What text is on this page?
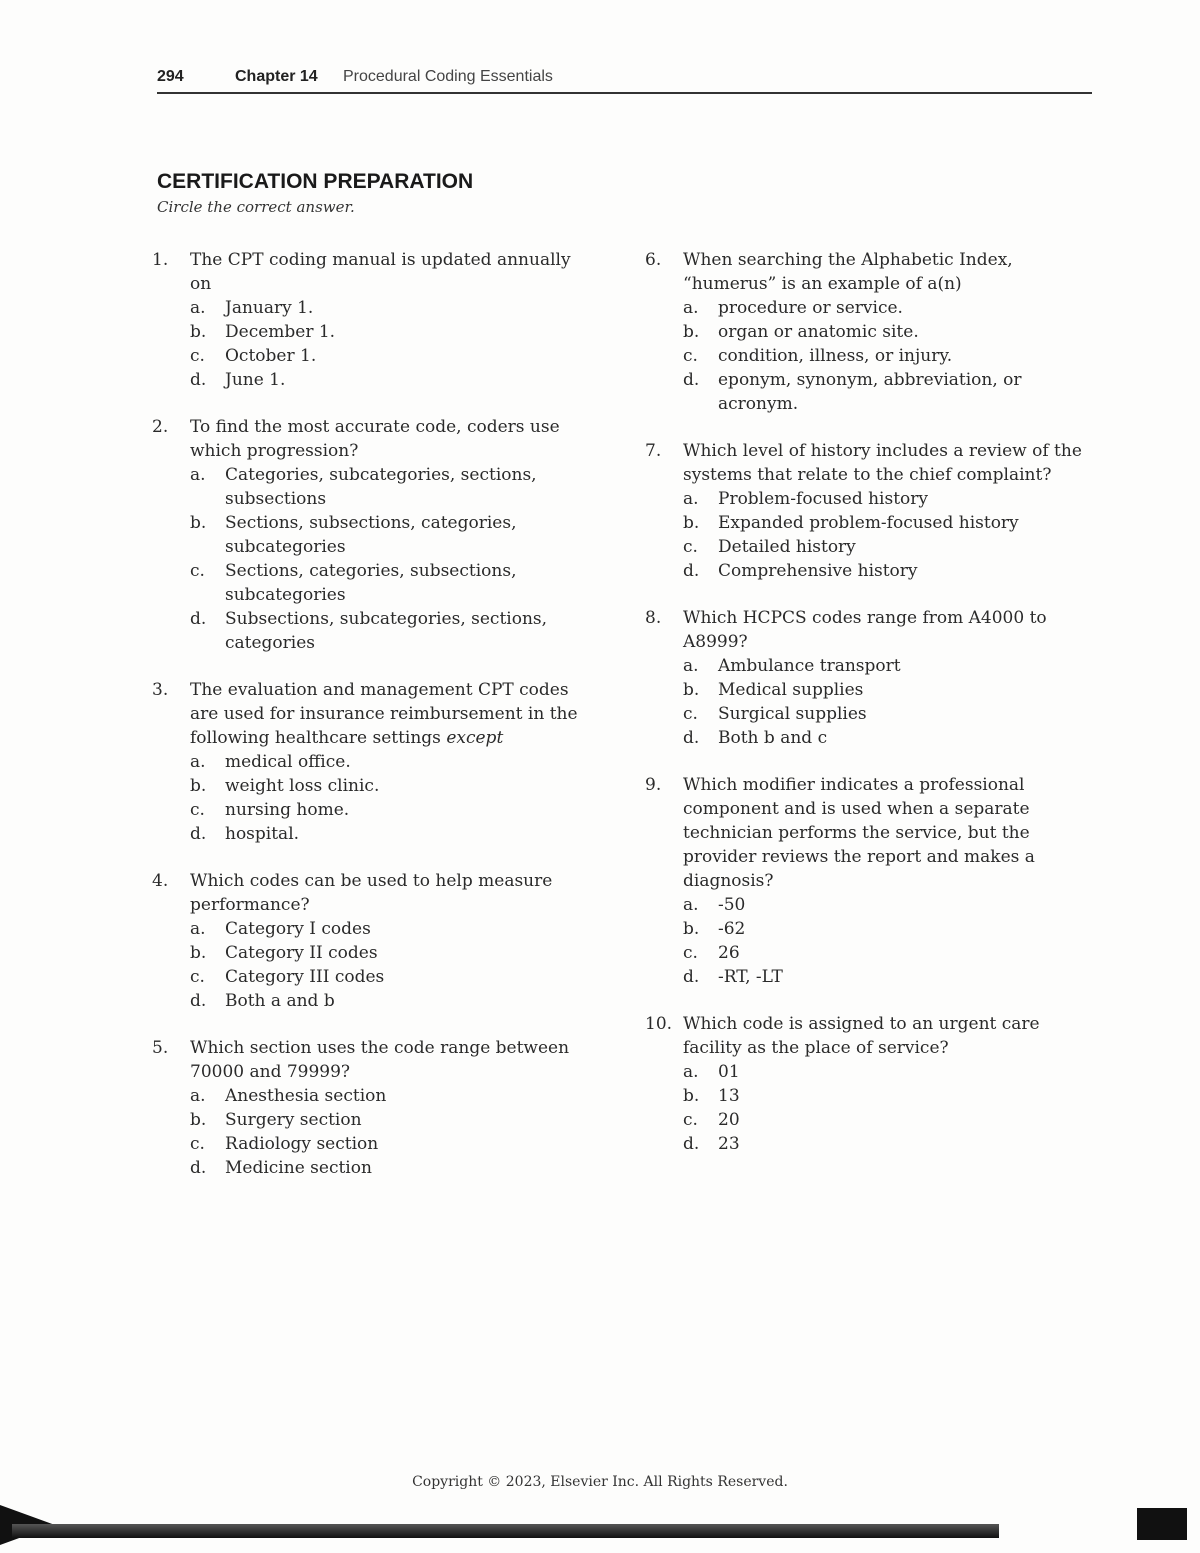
294	Chapter 14 Procedural Coding Essentials
CERTIFICATION PREPARATION
Circle the correct answer.
1.	The CPT coding manual is updated annually on
a.	January 1.
b.	December 1.
c.	October 1.
d.	June 1.
2.	To find the most accurate code, coders use which progression?
a.	Categories, subcategories, sections, subsections
b.	Sections, subsections, categories, subcategories
c.	Sections, categories, subsections, subcategories
d.	Subsections, subcategories, sections, categories
3.	The evaluation and management CPT codes are used for insurance reimbursement in the following healthcare settings except
a.	medical office.
b.	weight loss clinic.
c.	nursing home.
d.	hospital.
4.	Which codes can be used to help measure performance?
a.	Category I codes
b.	Category II codes
c.	Category III codes
d.	Both a and b
5.	Which section uses the code range between 70000 and 79999?
a.	Anesthesia section
b.	Surgery section
c.	Radiology section
d.	Medicine section
6.	When searching the Alphabetic Index, “humerus” is an example of a(n)
a.	procedure or service.
b.	organ or anatomic site.
c.	condition, illness, or injury.
d.	eponym, synonym, abbreviation, or acronym.
7.	Which level of history includes a review of the systems that relate to the chief complaint?
a.	Problem-focused history
b.	Expanded problem-focused history
c.	Detailed history
d.	Comprehensive history
8.	Which HCPCS codes range from A4000 to A8999?
a.	Ambulance transport
b.	Medical supplies
c.	Surgical supplies
d.	Both b and c
9.	Which modifier indicates a professional component and is used when a separate technician performs the service, but the provider reviews the report and makes a diagnosis?
a.	-50
b.	-62
c.	26
d.	-RT, -LT
10. Which code is assigned to an urgent care facility as the place of service?
a.	01
b.	13
c.	20
d.	23
Copyright © 2023, Elsevier Inc. All Rights Reserved.
